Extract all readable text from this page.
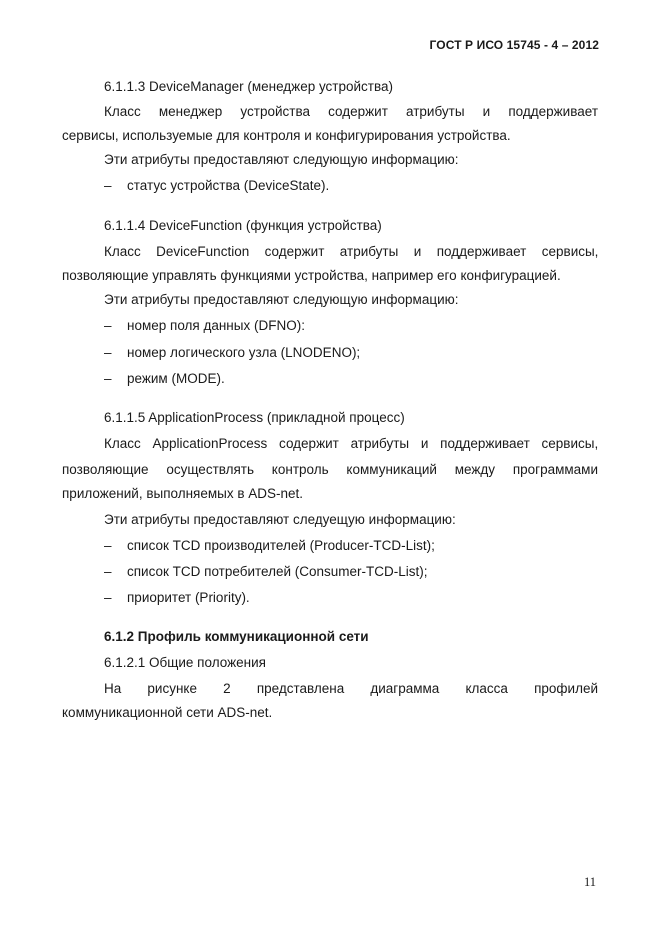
ГОСТ Р ИСО 15745 - 4 – 2012
6.1.1.3 DeviceManager (менеджер устройства)
Класс менеджер устройства содержит атрибуты и поддерживает
сервисы, используемые для контроля и конфигурирования устройства.
Эти атрибуты предоставляют следующую информацию:
– статус устройства (DeviceState).
6.1.1.4 DeviceFunction (функция устройства)
Класс DeviceFunction содержит атрибуты и поддерживает сервисы,
позволяющие управлять функциями устройства, например его конфигурацией.
Эти атрибуты предоставляют следующую информацию:
– номер поля данных (DFNO):
– номер логического узла (LNODENO);
– режим (MODE).
6.1.1.5 ApplicationProcess (прикладной процесс)
Класс ApplicationProcess содержит атрибуты и поддерживает сервисы,
позволяющие осуществлять контроль коммуникаций между программами
приложений, выполняемых в ADS-net.
Эти атрибуты предоставляют следуещую информацию:
– список TCD производителей (Producer-TCD-List);
– список TCD потребителей (Consumer-TCD-List);
– приоритет (Priority).
6.1.2 Профиль коммуникационной сети
6.1.2.1 Общие положения
На рисунке 2 представлена диаграмма класса профилей
коммуникационной сети ADS-net.
11
